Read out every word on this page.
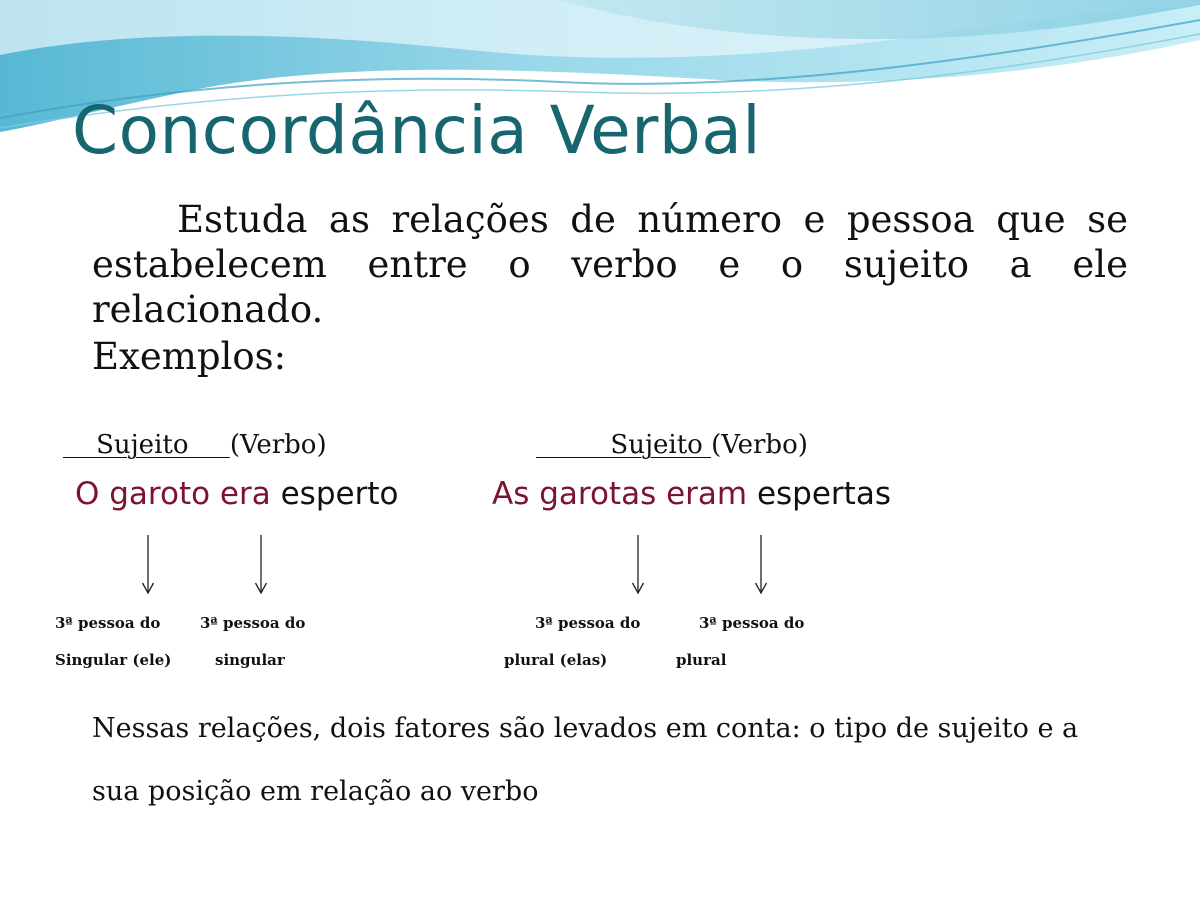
Concordância Verbal

Estuda as relações de número e pessoa que se estabelecem entre o verbo e o sujeito a ele relacionado.

Exemplos:

Sujeito (Verbo)	Sujeito (Verbo)
O garoto era esperto	As garotas eram espertas
3ª pessoa do
Singular (ele)
3ª pessoa do
singular
3ª pessoa do
plural (elas)
3ª pessoa do
plural

Nessas relações, dois fatores são levados em conta: o tipo de sujeito e a sua posição em relação ao verbo
